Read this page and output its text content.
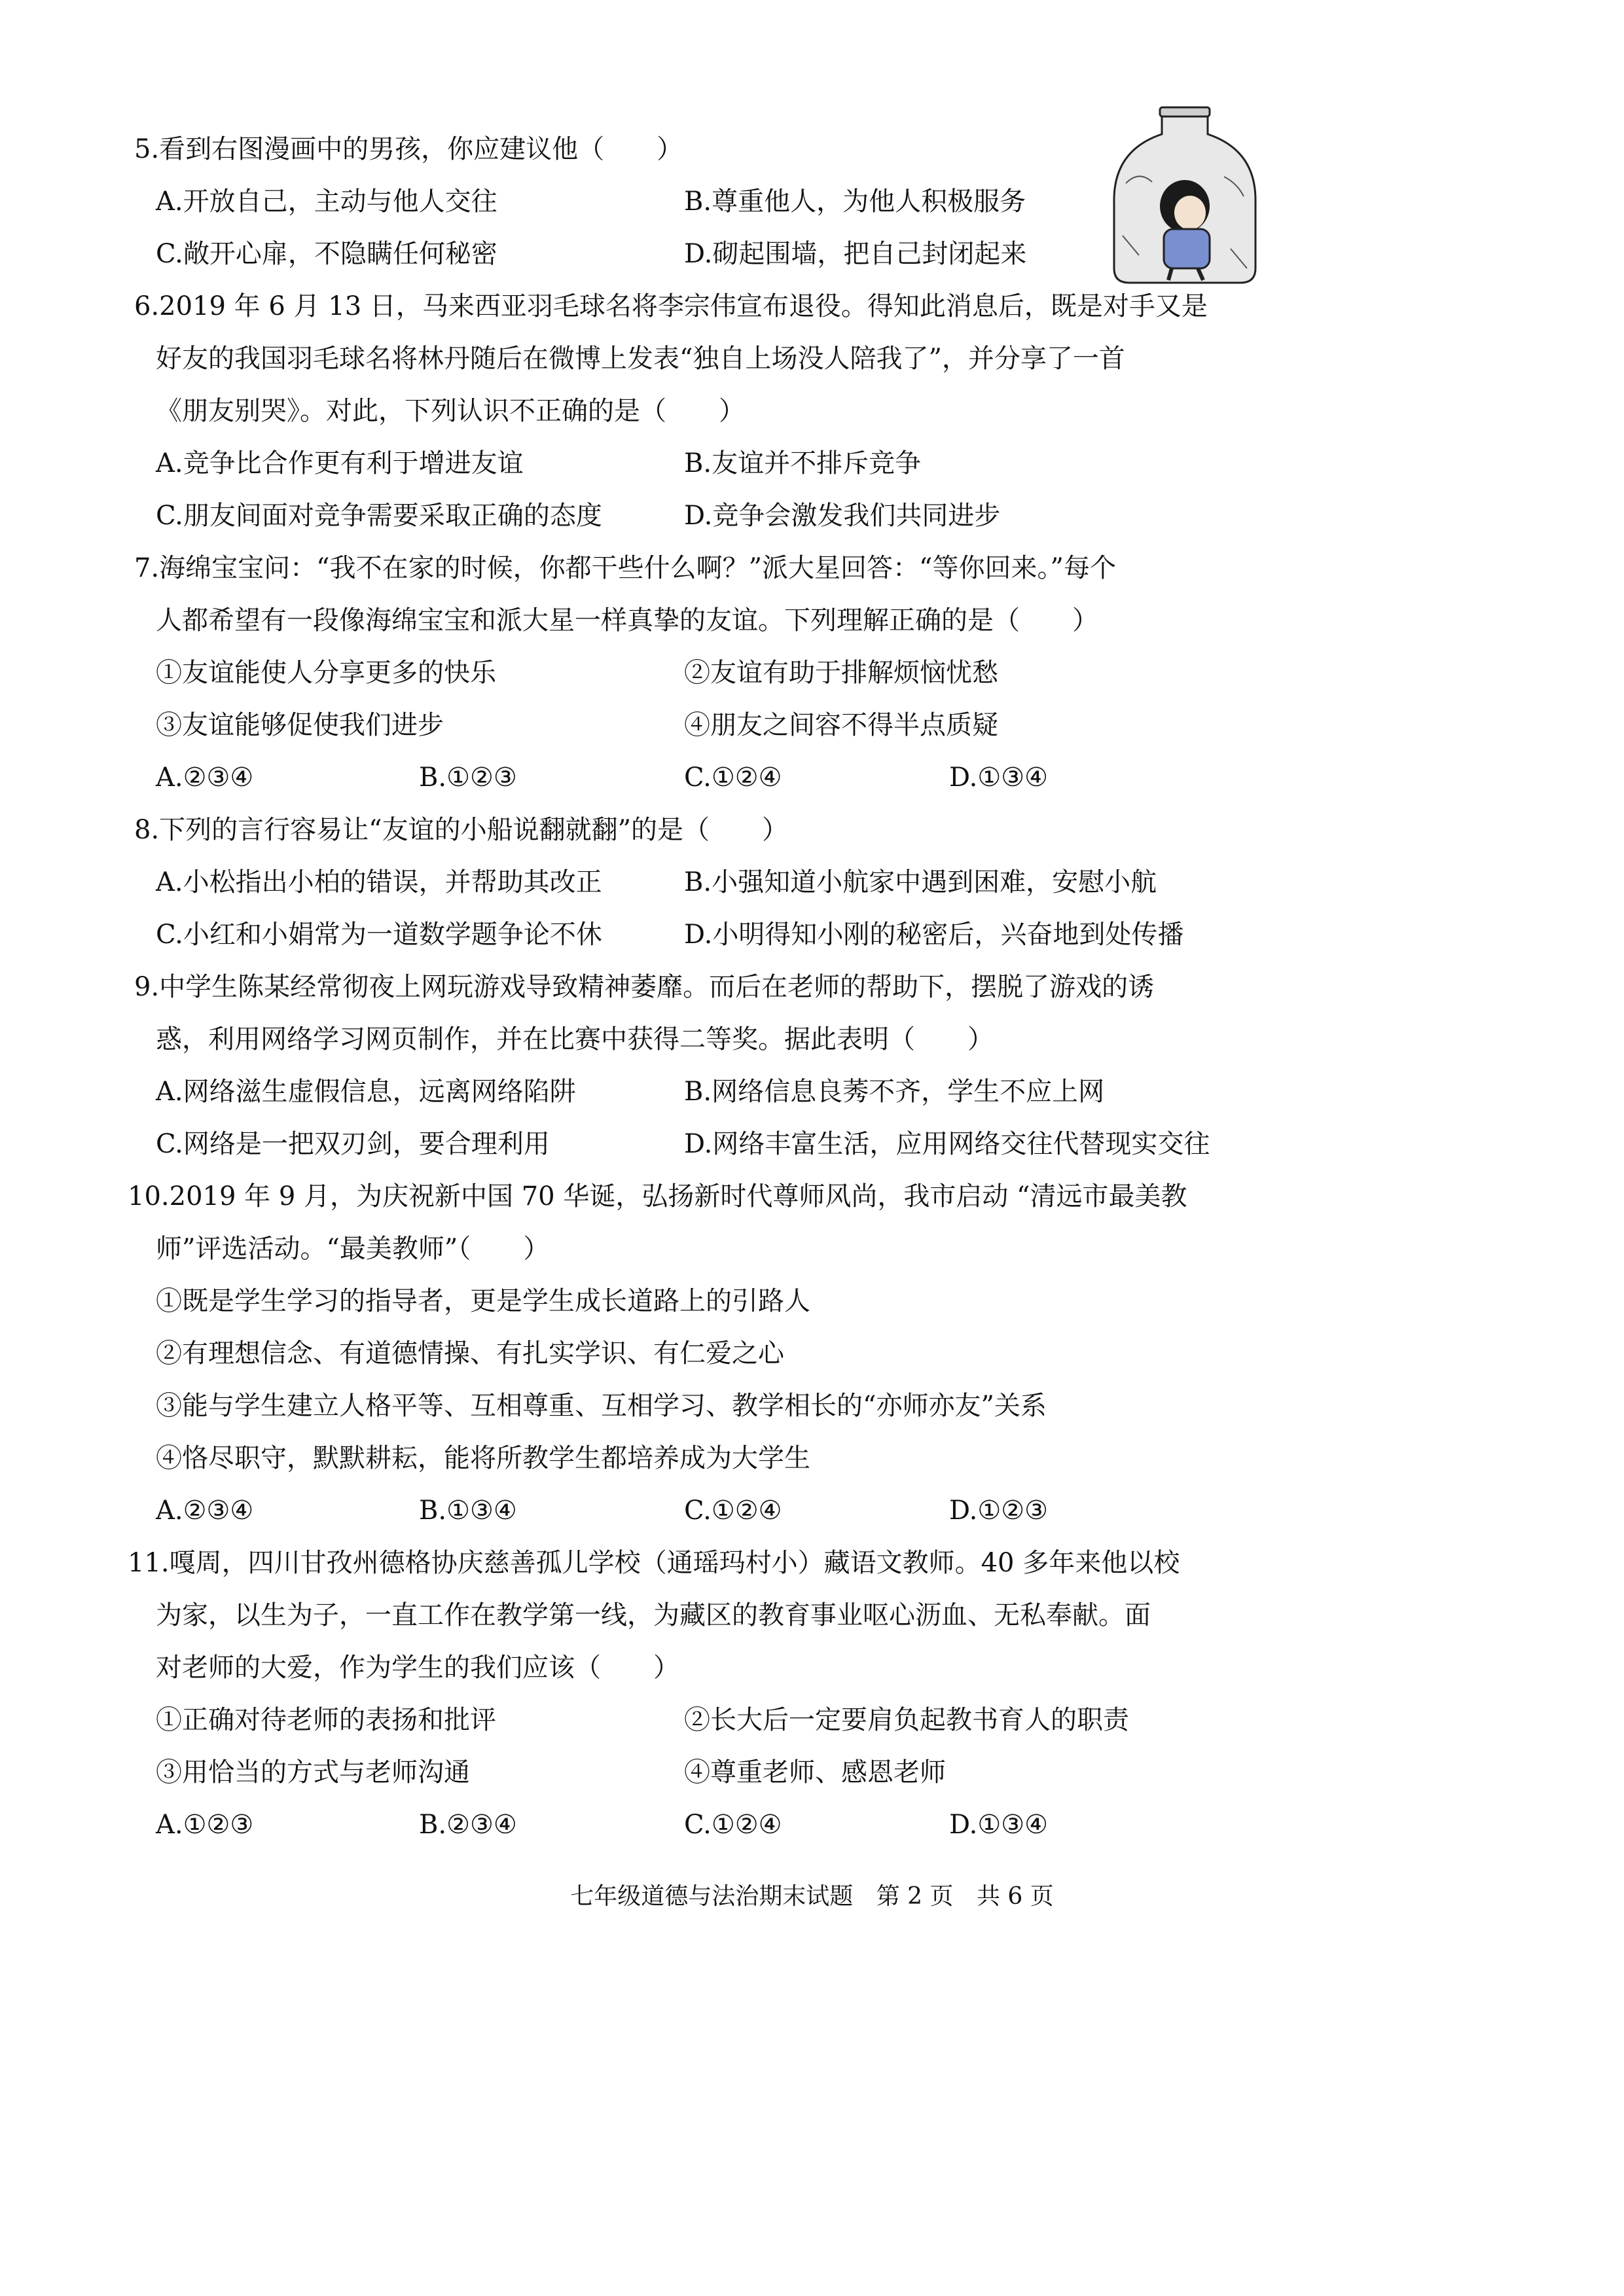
5.看到右图漫画中的男孩，你应建议他（　　）
A.开放自己，主动与他人交往	B.尊重他人，为他人积极服务
C.敞开心扉，不隐瞒任何秘密	D.砌起围墙，把自己封闭起来
6.2019 年 6 月 13 日，马来西亚羽毛球名将李宗伟宣布退役。得知此消息后，既是对手又是
好友的我国羽毛球名将林丹随后在微博上发表“独自上场没人陪我了”，并分享了一首
《朋友别哭》。对此，下列认识不正确的是（　　）
A.竞争比合作更有利于增进友谊	B.友谊并不排斥竞争
C.朋友间面对竞争需要采取正确的态度	D.竞争会激发我们共同进步
7.海绵宝宝问：“我不在家的时候，你都干些什么啊？”派大星回答：“等你回来。”每个
人都希望有一段像海绵宝宝和派大星一样真挚的友谊。下列理解正确的是（　　）
①友谊能使人分享更多的快乐	②友谊有助于排解烦恼忧愁
③友谊能够促使我们进步	④朋友之间容不得半点质疑
A.②③④	B.①②③	C.①②④	D.①③④
8.下列的言行容易让“友谊的小船说翻就翻”的是（　　）
A.小松指出小柏的错误，并帮助其改正	B.小强知道小航家中遇到困难，安慰小航
C.小红和小娟常为一道数学题争论不休	D.小明得知小刚的秘密后，兴奋地到处传播
9.中学生陈某经常彻夜上网玩游戏导致精神萎靡。而后在老师的帮助下，摆脱了游戏的诱
惑，利用网络学习网页制作，并在比赛中获得二等奖。据此表明（　　）
A.网络滋生虚假信息，远离网络陷阱	B.网络信息良莠不齐，学生不应上网
C.网络是一把双刃剑，要合理利用	D.网络丰富生活，应用网络交往代替现实交往
10.2019 年 9 月，为庆祝新中国 70 华诞，弘扬新时代尊师风尚，我市启动 “清远市最美教
师”评选活动。“最美教师”（　　）
①既是学生学习的指导者，更是学生成长道路上的引路人
②有理想信念、有道德情操、有扎实学识、有仁爱之心
③能与学生建立人格平等、互相尊重、互相学习、教学相长的“亦师亦友”关系
④恪尽职守，默默耕耘，能将所教学生都培养成为大学生
A.②③④	B.①③④	C.①②④	D.①②③
11.嘎周，四川甘孜州德格协庆慈善孤儿学校（通瑶玛村小）藏语文教师。40 多年来他以校
为家，以生为子，一直工作在教学第一线，为藏区的教育事业呕心沥血、无私奉献。面
对老师的大爱，作为学生的我们应该（　　）
①正确对待老师的表扬和批评	②长大后一定要肩负起教书育人的职责
③用恰当的方式与老师沟通	④尊重老师、感恩老师
A.①②③	B.②③④	C.①②④	D.①③④
七年级道德与法治期末试题 第 2 页 共 6 页
